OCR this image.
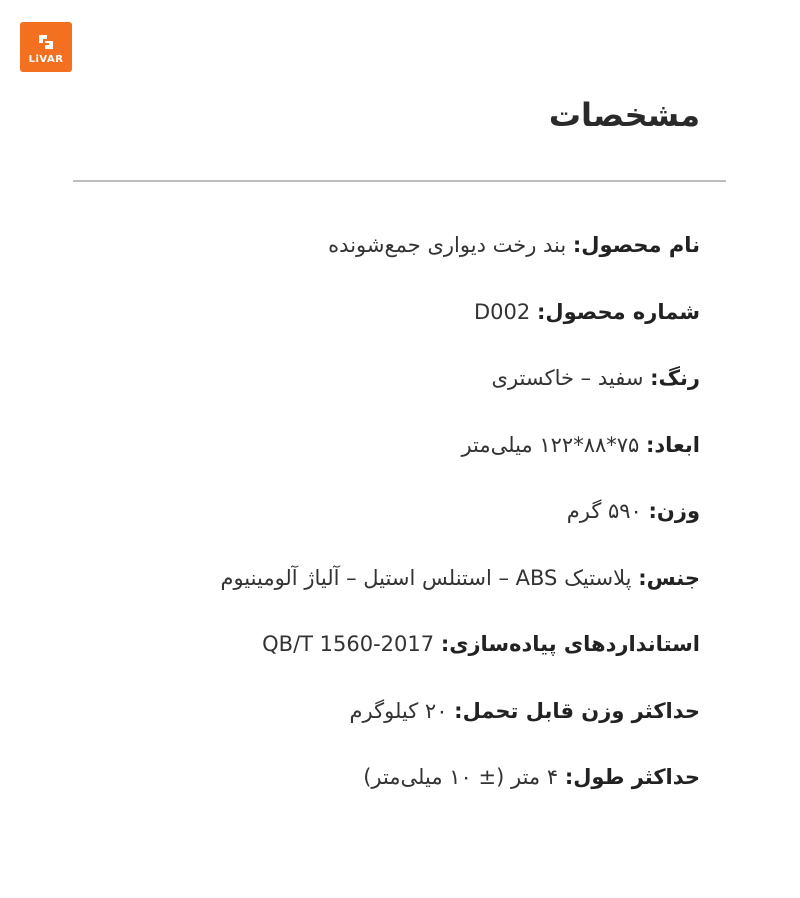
LiVAR
مشخصات
نام محصول: بند رخت دیواری جمع‌شونده
شماره محصول: D002
رنگ: سفید – خاکستری
ابعاد: ۷۵*۸۸*۱۲۲ میلی‌متر
وزن: ۵۹۰ گرم
جنس: پلاستیک ABS – استنلس استیل – آلیاژ آلومینیوم
استانداردهای پیاده‌سازی: QB/T 1560-2017
حداکثر وزن قابل تحمل: ۲۰ کیلوگرم
حداکثر طول: ۴ متر (± ۱۰ میلی‌متر)
